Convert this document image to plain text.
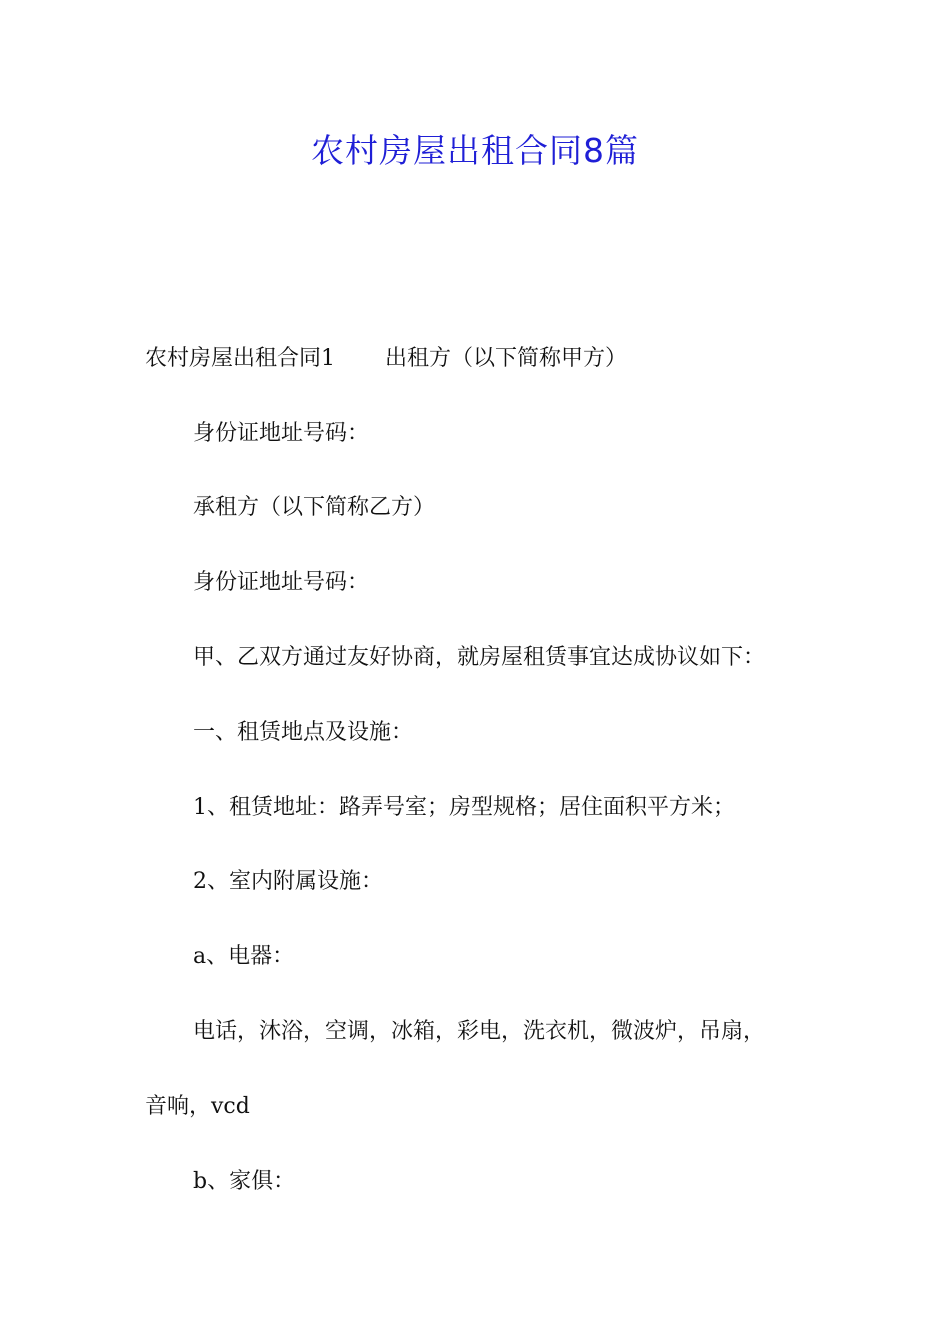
农村房屋出租合同8篇

农村房屋出租合同1 出租方（以下简称甲方）

身份证地址号码：

承租方（以下简称乙方）

身份证地址号码：

甲、乙双方通过友好协商，就房屋租赁事宜达成协议如下：

一、租赁地点及设施：

1、租赁地址：路弄号室；房型规格；居住面积平方米；

2、室内附属设施：

a、电器：

电话，沐浴，空调，冰箱，彩电，洗衣机，微波炉，吊扇，

音响，vcd

b、家俱：
